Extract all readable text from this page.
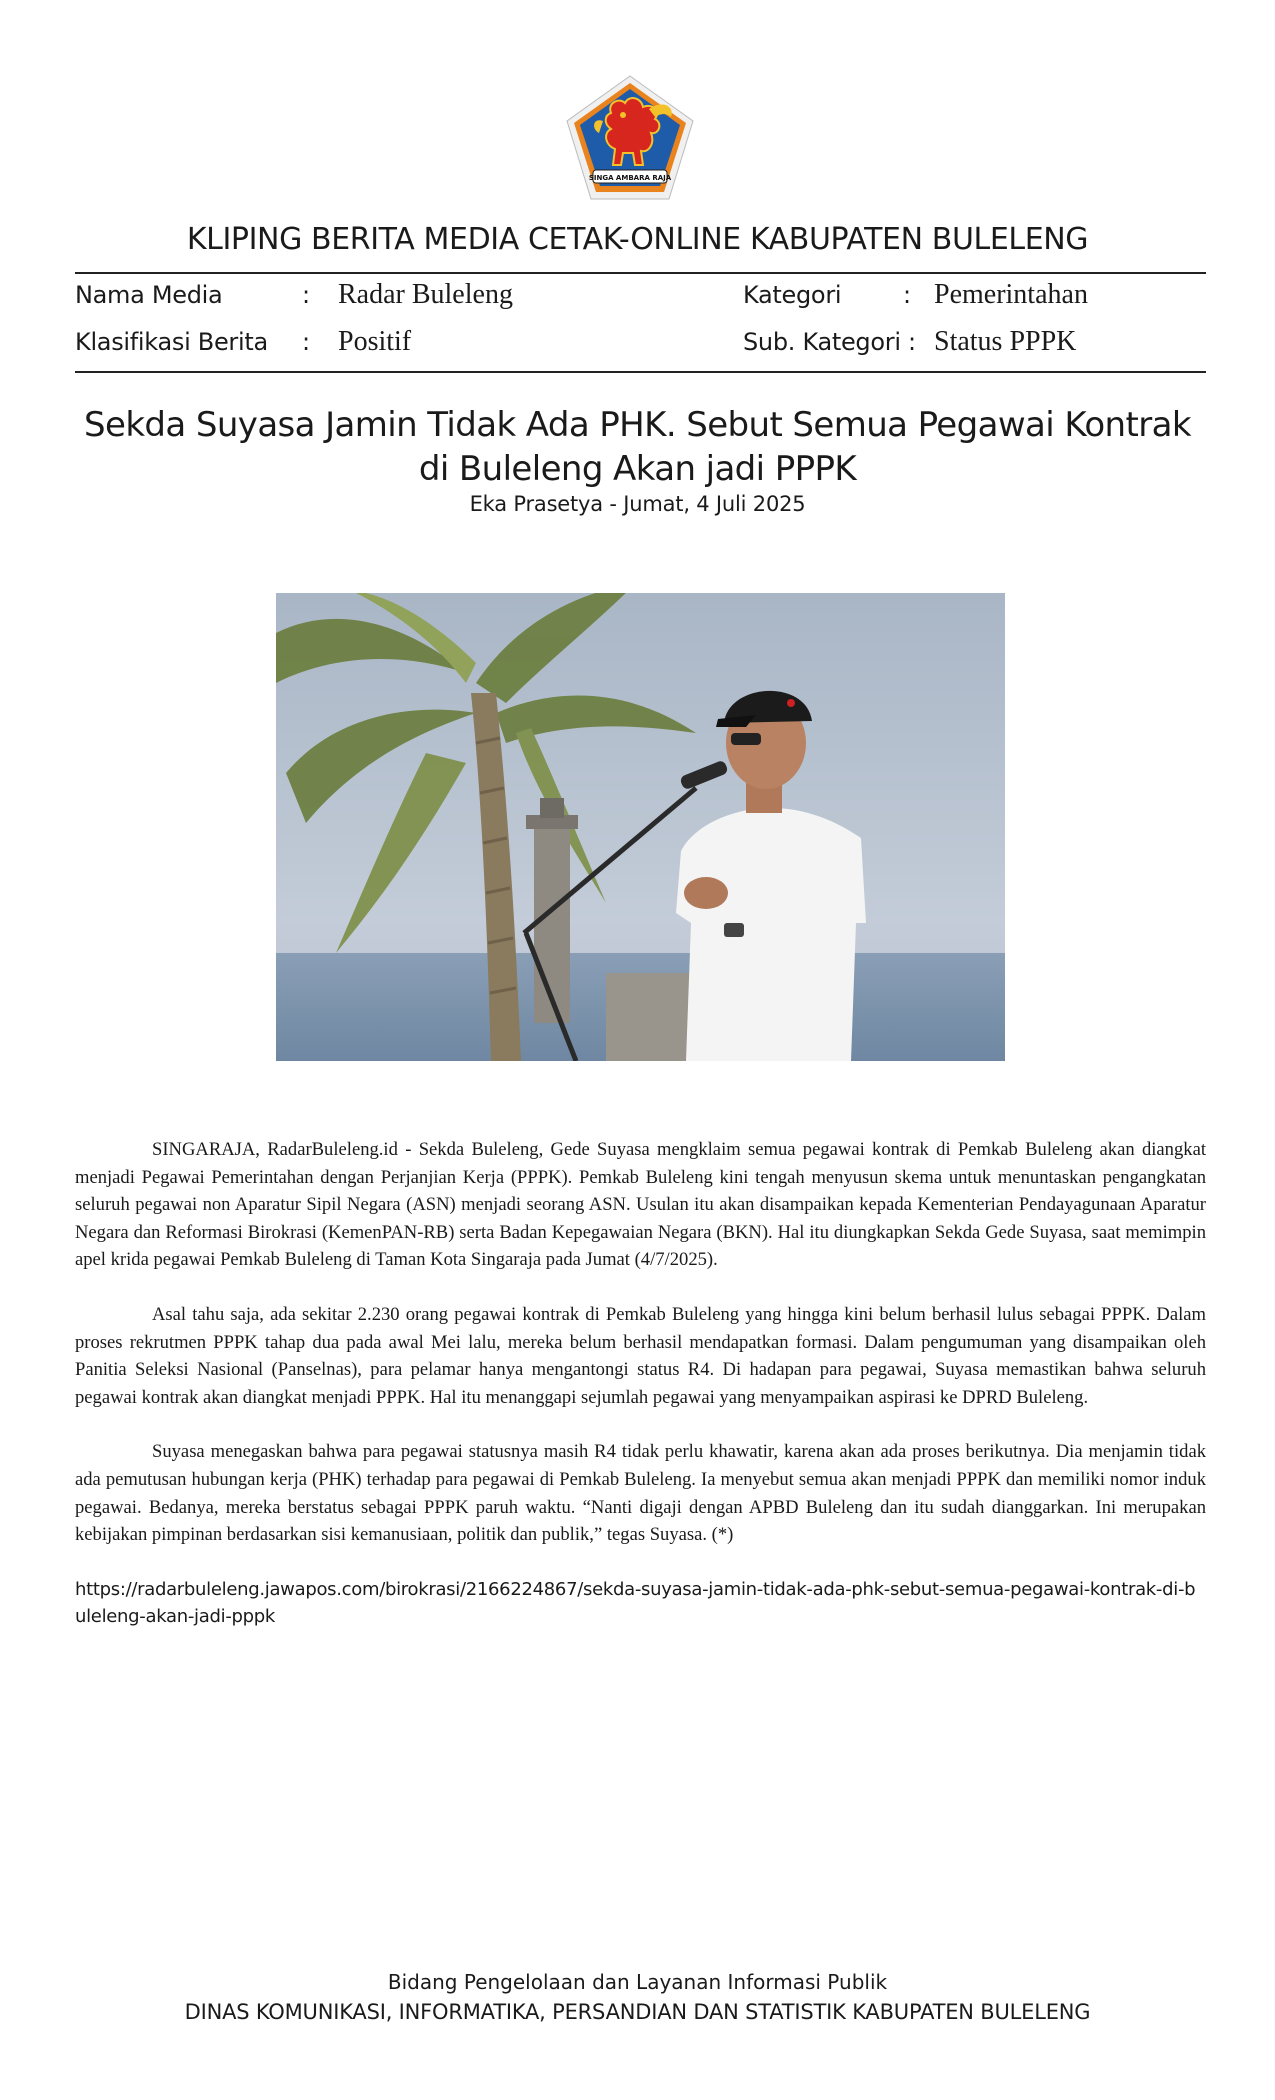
SINGA AMBARA RAJA
KLIPING BERITA MEDIA CETAK-ONLINE KABUPATEN BULELENG
Nama Media	: Radar Buleleng	Kategori	: Pemerintahan
Klasifikasi Berita : Positif	Sub. Kategori : Status PPPK
Sekda Suyasa Jamin Tidak Ada PHK. Sebut Semua Pegawai Kontrak
di Buleleng Akan jadi PPPK
Eka Prasetya - Jumat, 4 Juli 2025

SINGARAJA, RadarBuleleng.id - Sekda Buleleng, Gede Suyasa mengklaim semua pegawai kontrak di Pemkab Buleleng akan diangkat menjadi Pegawai Pemerintahan dengan Perjanjian Kerja (PPPK). Pemkab Buleleng kini tengah menyusun skema untuk menuntaskan pengangkatan seluruh pegawai non Aparatur Sipil Negara (ASN) menjadi seorang ASN. Usulan itu akan disampaikan kepada Kementerian Pendayagunaan Aparatur Negara dan Reformasi Birokrasi (KemenPAN-RB) serta Badan Kepegawaian Negara (BKN). Hal itu diungkapkan Sekda Gede Suyasa, saat memimpin apel krida pegawai Pemkab Buleleng di Taman Kota Singaraja pada Jumat (4/7/2025).

Asal tahu saja, ada sekitar 2.230 orang pegawai kontrak di Pemkab Buleleng yang hingga kini belum berhasil lulus sebagai PPPK. Dalam proses rekrutmen PPPK tahap dua pada awal Mei lalu, mereka belum berhasil mendapatkan formasi. Dalam pengumuman yang disampaikan oleh Panitia Seleksi Nasional (Panselnas), para pelamar hanya mengantongi status R4. Di hadapan para pegawai, Suyasa memastikan bahwa seluruh pegawai kontrak akan diangkat menjadi PPPK. Hal itu menanggapi sejumlah pegawai yang menyampaikan aspirasi ke DPRD Buleleng.

Suyasa menegaskan bahwa para pegawai statusnya masih R4 tidak perlu khawatir, karena akan ada proses berikutnya. Dia menjamin tidak ada pemutusan hubungan kerja (PHK) terhadap para pegawai di Pemkab Buleleng. Ia menyebut semua akan menjadi PPPK dan memiliki nomor induk pegawai. Bedanya, mereka berstatus sebagai PPPK paruh waktu. “Nanti digaji dengan APBD Buleleng dan itu sudah dianggarkan. Ini merupakan kebijakan pimpinan berdasarkan sisi kemanusiaan, politik dan publik,” tegas Suyasa. (*)

https://radarbuleleng.jawapos.com/birokrasi/2166224867/sekda-suyasa-jamin-tidak-ada-phk-sebut-semua-pegawai-kontrak-di-buleleng-akan-jadi-pppk

Bidang Pengelolaan dan Layanan Informasi Publik
DINAS KOMUNIKASI, INFORMATIKA, PERSANDIAN DAN STATISTIK KABUPATEN BULELENG
